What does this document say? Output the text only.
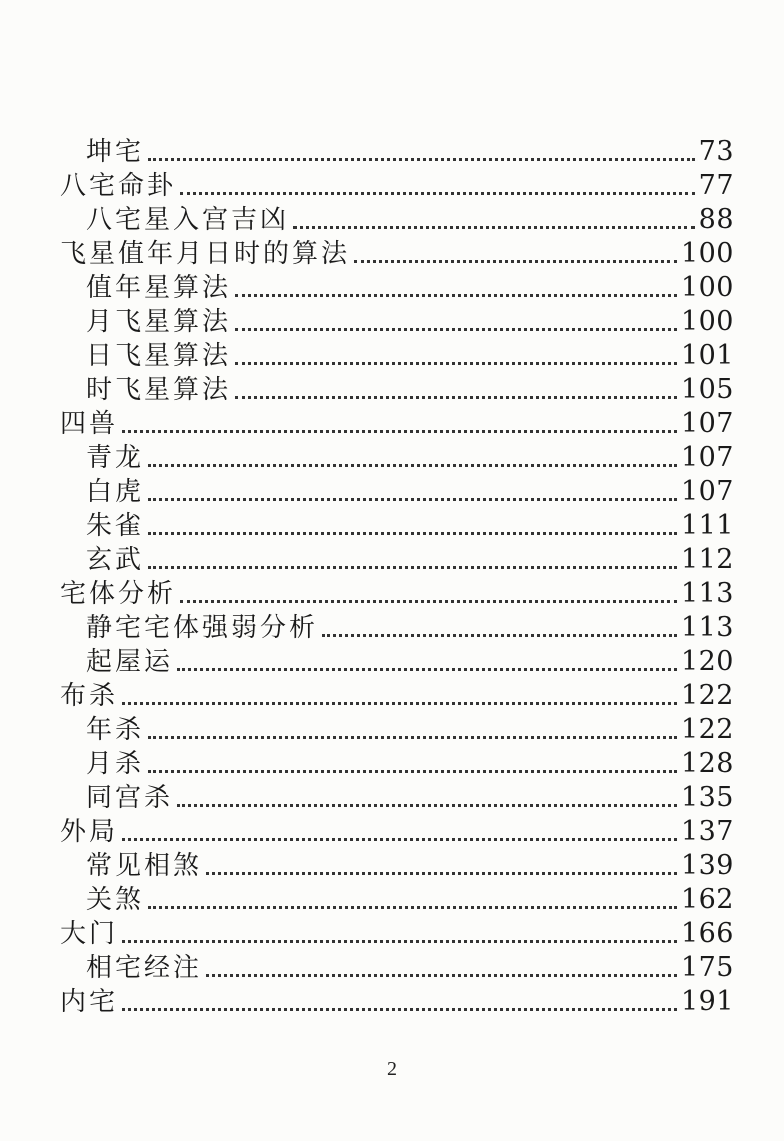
坤宅	73
八宅命卦	77
八宅星入宫吉凶	88
飞星值年月日时的算法	100
值年星算法	100
月飞星算法	100
日飞星算法	101
时飞星算法	105
四兽	107
青龙	107
白虎	107
朱雀	111
玄武	112
宅体分析	113
静宅宅体强弱分析	113
起屋运	120
布杀	122
年杀	122
月杀	128
同宫杀	135
外局	137
常见相煞	139
关煞	162
大门	166
相宅经注	175
内宅	191
2
